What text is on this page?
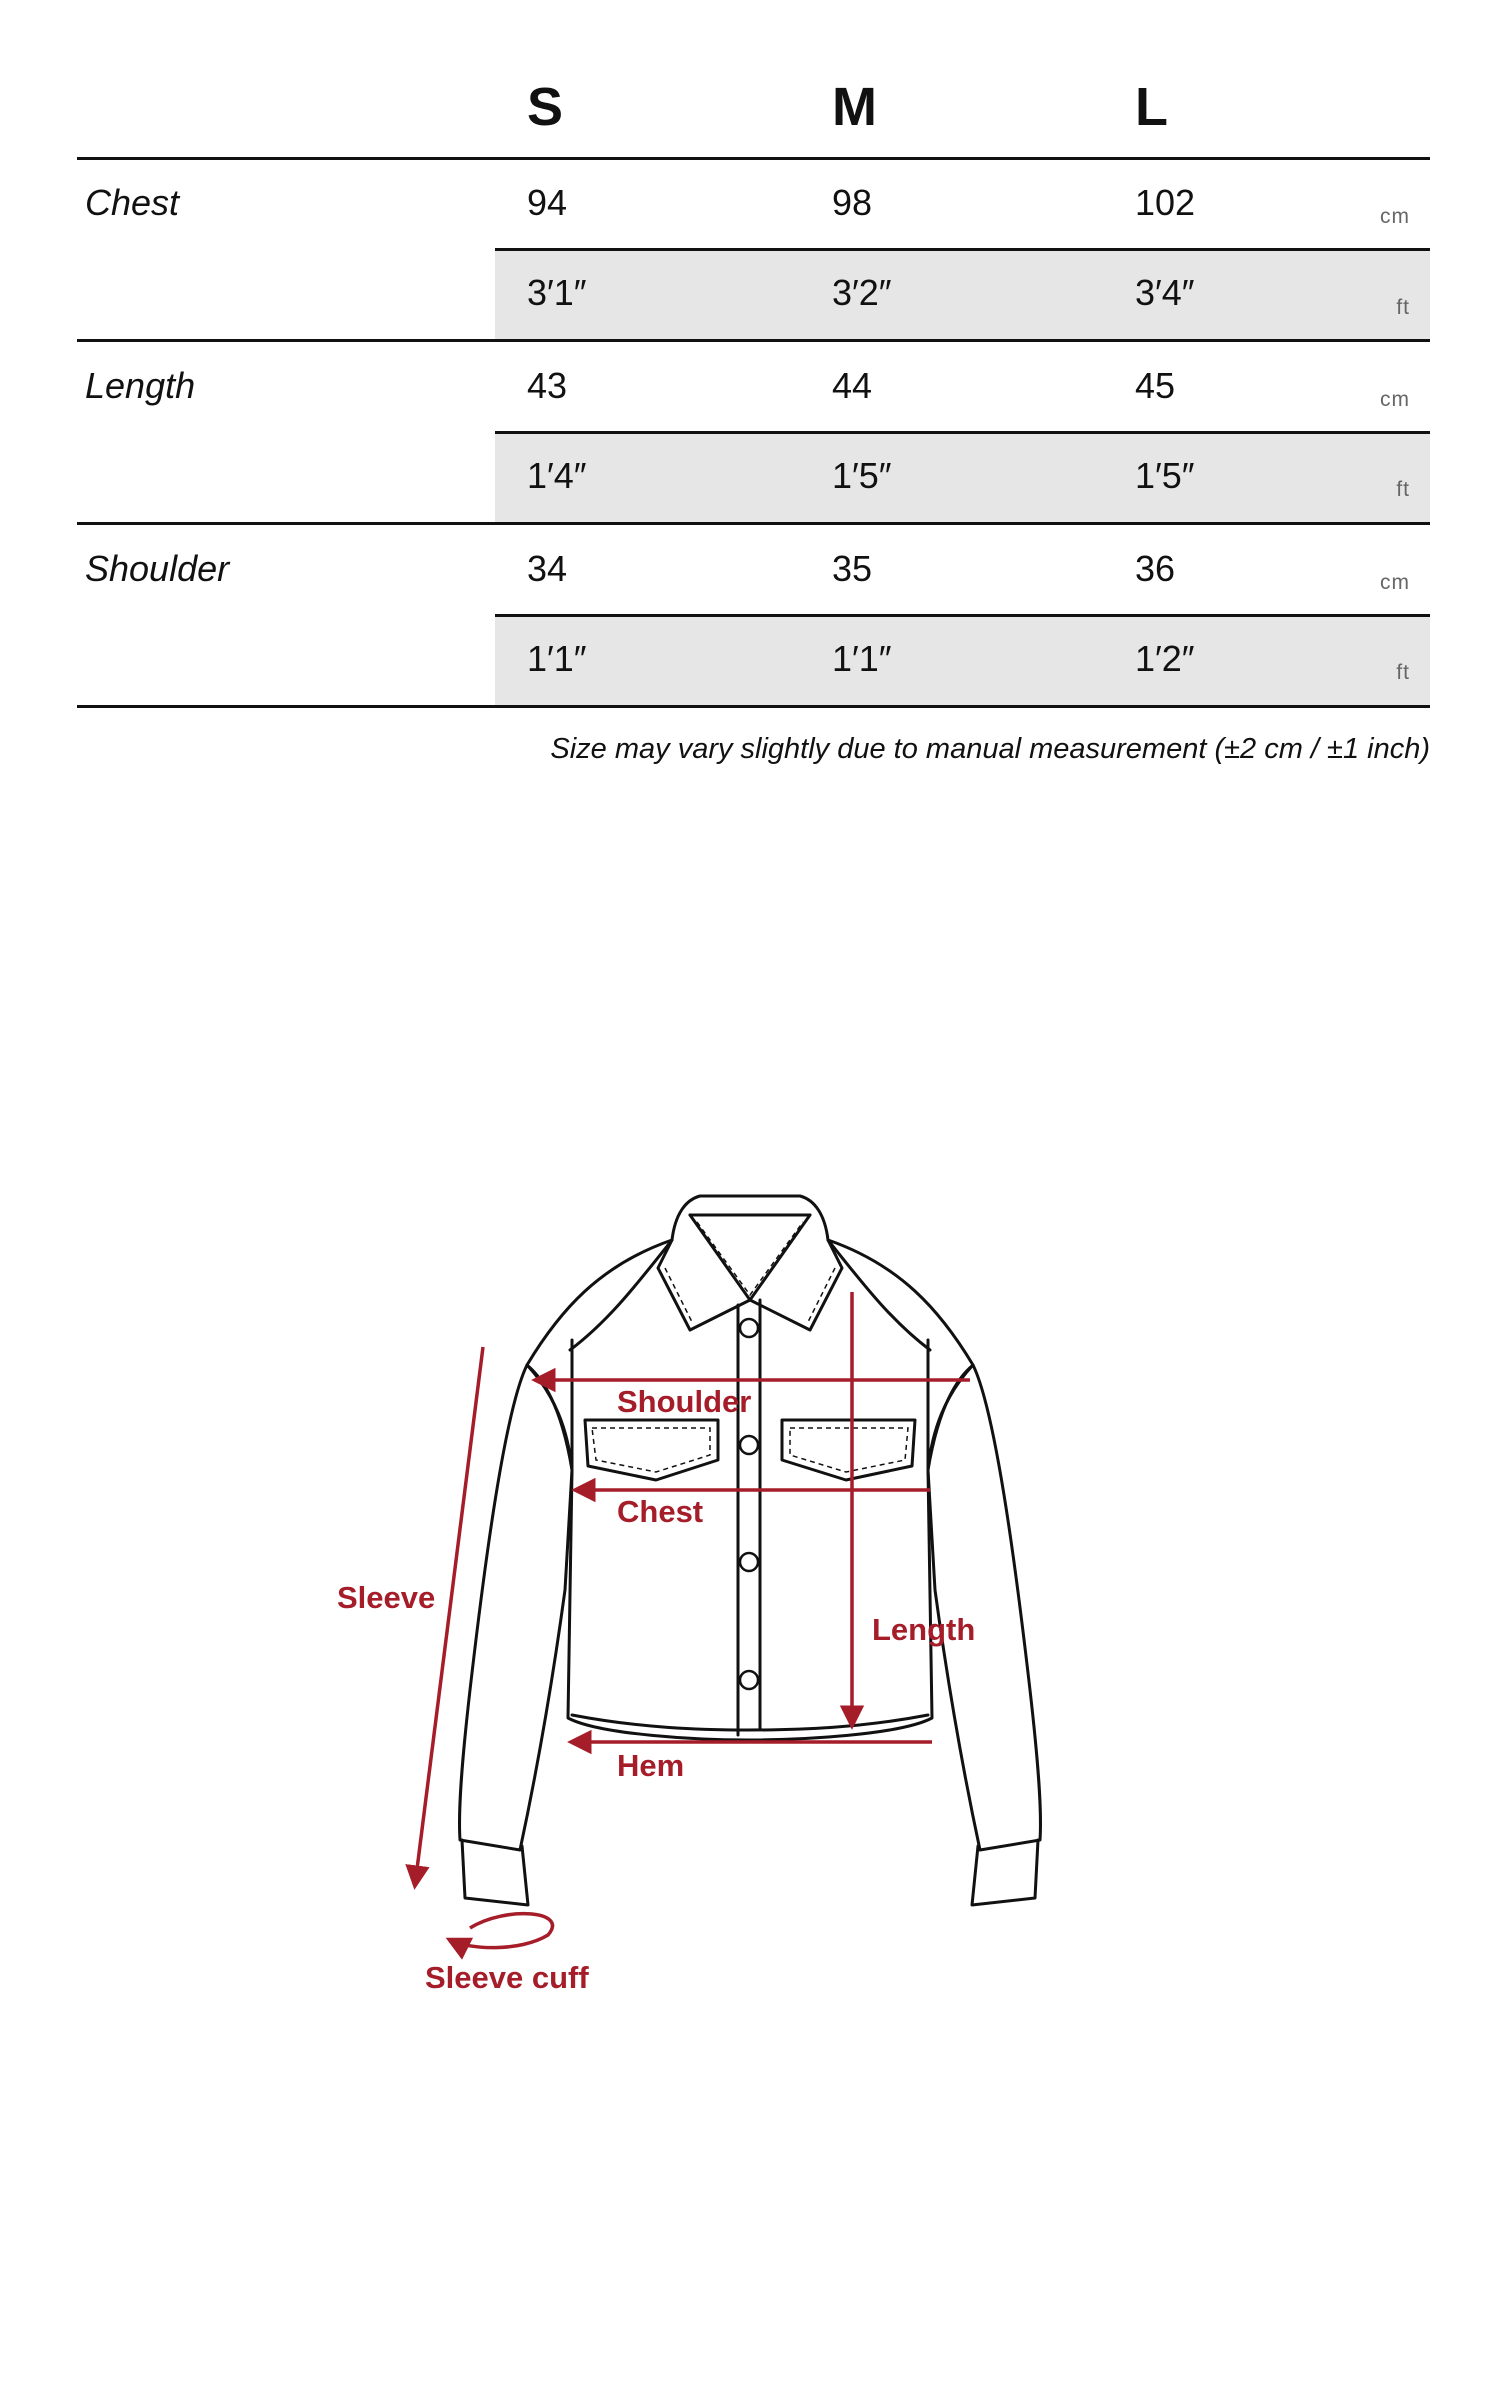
S	M	L
Chest	94	98	102	cm
3′1″	3′2″	3′4″	ft
Length	43	44	45	cm
1′4″	1′5″	1′5″	ft
Shoulder	34	35	36	cm
1′1″	1′1″	1′2″	ft
Size may vary slightly due to manual measurement (±2 cm / ±1 inch)
Shoulder
Chest
Sleeve
Length
Hem
Sleeve cuff
